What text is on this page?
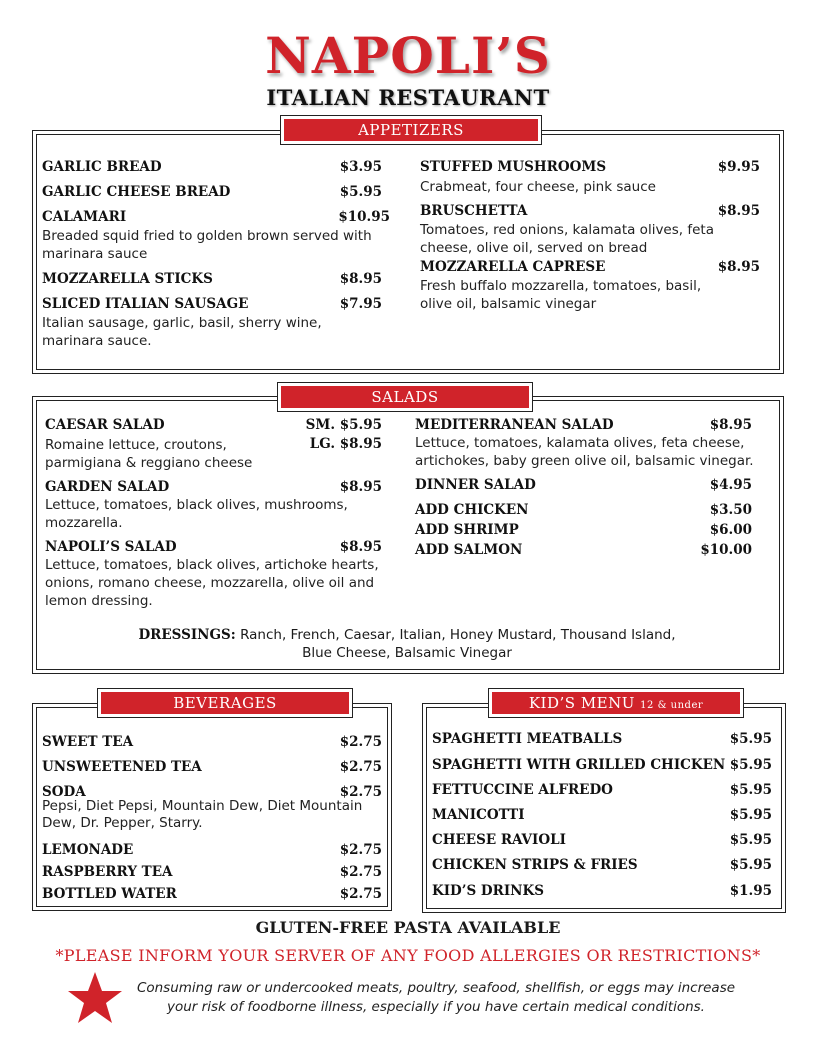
NAPOLI’S
ITALIAN RESTAURANT
APPETIZERS
GARLIC BREAD	$3.95
GARLIC CHEESE BREAD	$5.95
CALAMARI	$10.95
Breaded squid fried to golden brown served with marinara sauce
MOZZARELLA STICKS	$8.95
SLICED ITALIAN SAUSAGE	$7.95
Italian sausage, garlic, basil, sherry wine, marinara sauce.
STUFFED MUSHROOMS	$9.95
Crabmeat, four cheese, pink sauce
BRUSCHETTA	$8.95
Tomatoes, red onions, kalamata olives, feta cheese, olive oil, served on bread
MOZZARELLA CAPRESE	$8.95
Fresh buffalo mozzarella, tomatoes, basil, olive oil, balsamic vinegar
SALADS
CAESAR SALAD	SM. $5.95
LG. $8.95
Romaine lettuce, croutons, parmigiana & reggiano cheese
GARDEN SALAD	$8.95
Lettuce, tomatoes, black olives, mushrooms, mozzarella.
NAPOLI’S SALAD	$8.95
Lettuce, tomatoes, black olives, artichoke hearts, onions, romano cheese, mozzarella, olive oil and lemon dressing.
MEDITERRANEAN SALAD	$8.95
Lettuce, tomatoes, kalamata olives, feta cheese, artichokes, baby green olive oil, balsamic vinegar.
DINNER SALAD	$4.95
ADD CHICKEN	$3.50
ADD SHRIMP	$6.00
ADD SALMON	$10.00
DRESSINGS: Ranch, French, Caesar, Italian, Honey Mustard, Thousand Island,
Blue Cheese, Balsamic Vinegar
BEVERAGES
SWEET TEA	$2.75
UNSWEETENED TEA	$2.75
SODA	$2.75
Pepsi, Diet Pepsi, Mountain Dew, Diet Mountain Dew, Dr. Pepper, Starry.
LEMONADE	$2.75
RASPBERRY TEA	$2.75
BOTTLED WATER	$2.75
KID’S MENU 12 & under
SPAGHETTI MEATBALLS	$5.95
SPAGHETTI WITH GRILLED CHICKEN $5.95
FETTUCCINE ALFREDO	$5.95
MANICOTTI	$5.95
CHEESE RAVIOLI	$5.95
CHICKEN STRIPS & FRIES	$5.95
KID’S DRINKS	$1.95
GLUTEN-FREE PASTA AVAILABLE
*PLEASE INFORM YOUR SERVER OF ANY FOOD ALLERGIES OR RESTRICTIONS*
Consuming raw or undercooked meats, poultry, seafood, shellfish, or eggs may increase
your risk of foodborne illness, especially if you have certain medical conditions.
